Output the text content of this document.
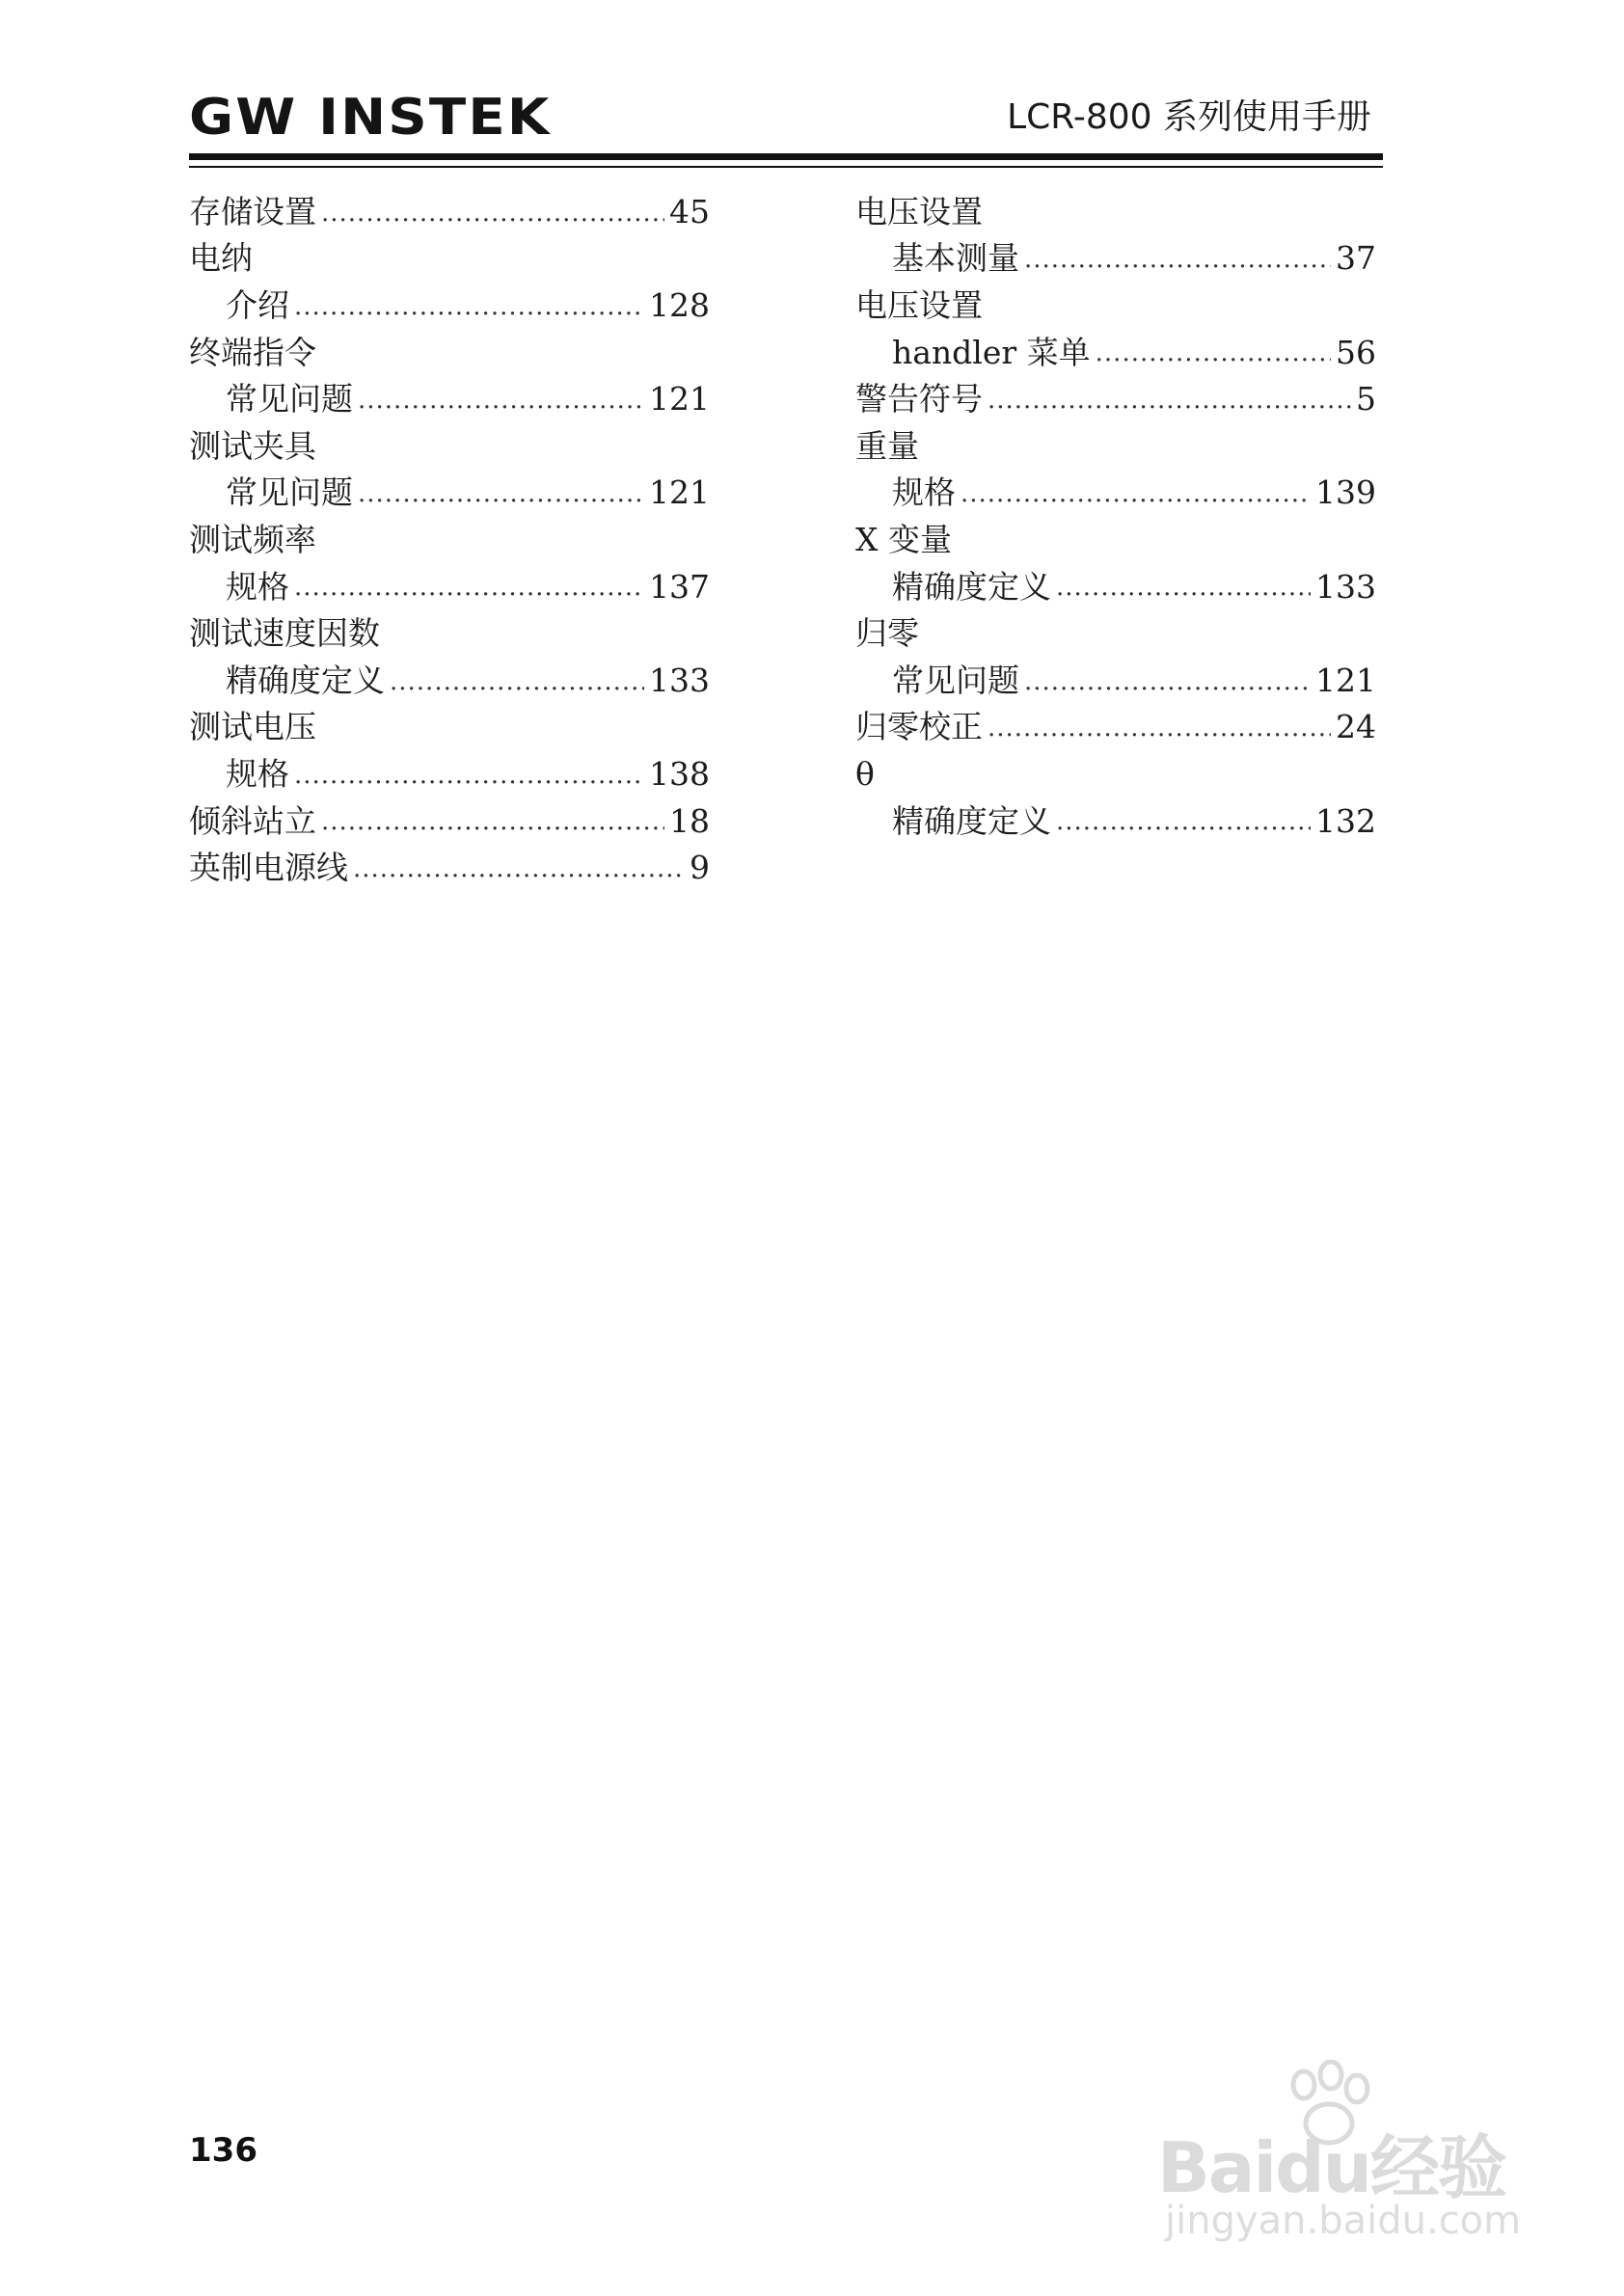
GW INSTEK	LCR-800 系列使用手册
存储设置 .....	45
电纳
介绍 .....	128
终端指令
常见问题 .....	121
测试夹具
常见问题 .....	121
测试频率
规格 .....	137
测试速度因数
精确度定义 .....	133
测试电压
规格 .....	138
倾斜站立 .....	18
英制电源线 .....	9
电压设置
基本测量 .....	37
电压设置
handler 菜单 .....	56
警告符号 .....	5
重量
规格 .....	139
X 变量
精确度定义 .....	133
归零
常见问题 .....	121
归零校正 .....	24
θ
精确度定义 .....	132
136	Baidu经验
jingyan.baidu.com
